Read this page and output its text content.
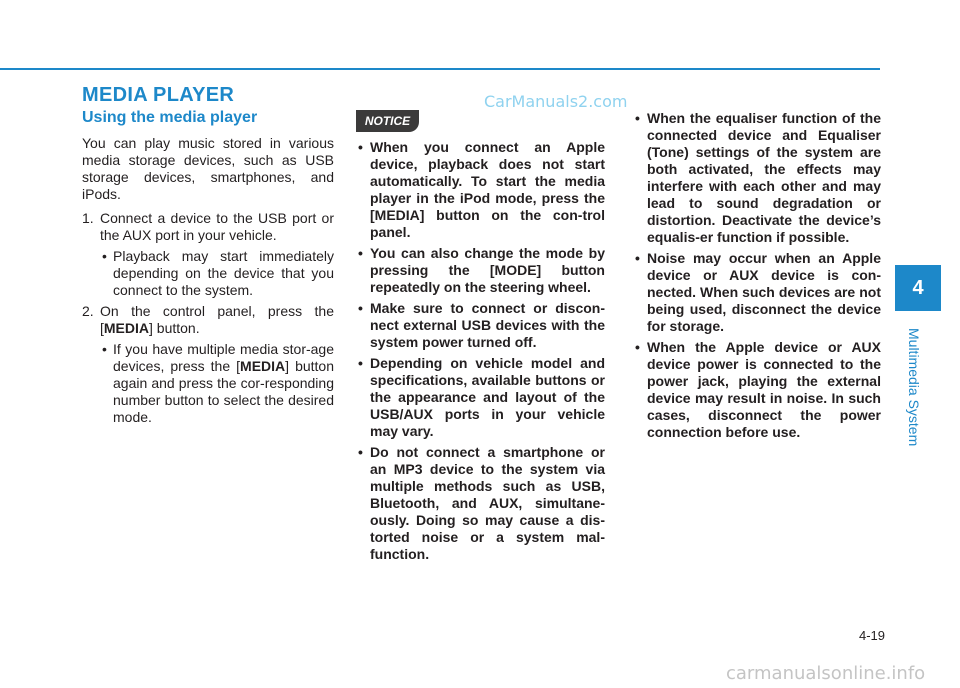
MEDIA PLAYER	CarManuals2.com

Using the media player

You can play music stored in various media storage devices, such as USB storage devices, smartphones, and iPods.

1. Connect a device to the USB port or the AUX port in your vehicle.
• Playback may start immediately depending on the device that you connect to the system.
2. On the control panel, press the [MEDIA] button.
• If you have multiple media stor-age devices, press the [MEDIA] button again and press the cor-responding number button to select the desired mode.
NOTICE
• When you connect an Apple device, playback does not start automatically. To start the media player in the iPod mode, press the [MEDIA] button on the con-trol panel.
• You can also change the mode by pressing the [MODE] button repeatedly on the steering wheel.
• Make sure to connect or discon-nect external USB devices with the system power turned off.
• Depending on vehicle model and specifications, available buttons or the appearance and layout of the USB/AUX ports in your vehicle may vary.
• Do not connect a smartphone or an MP3 device to the system via multiple methods such as USB, Bluetooth, and AUX, simultane-ously. Doing so may cause a dis-torted noise or a system mal-function.
• When the equaliser function of the connected device and Equaliser (Tone) settings of the system are both activated, the effects may interfere with each other and may lead to sound degradation or distortion. Deactivate the device’s equalis-er function if possible.
• Noise may occur when an Apple device or AUX device is con-nected. When such devices are not being used, disconnect the device for storage.
• When the Apple device or AUX device power is connected to the power jack, playing the external device may result in noise. In such cases, disconnect the power connection before use.
4
Multimedia System
4-19

carmanualsonline.info
